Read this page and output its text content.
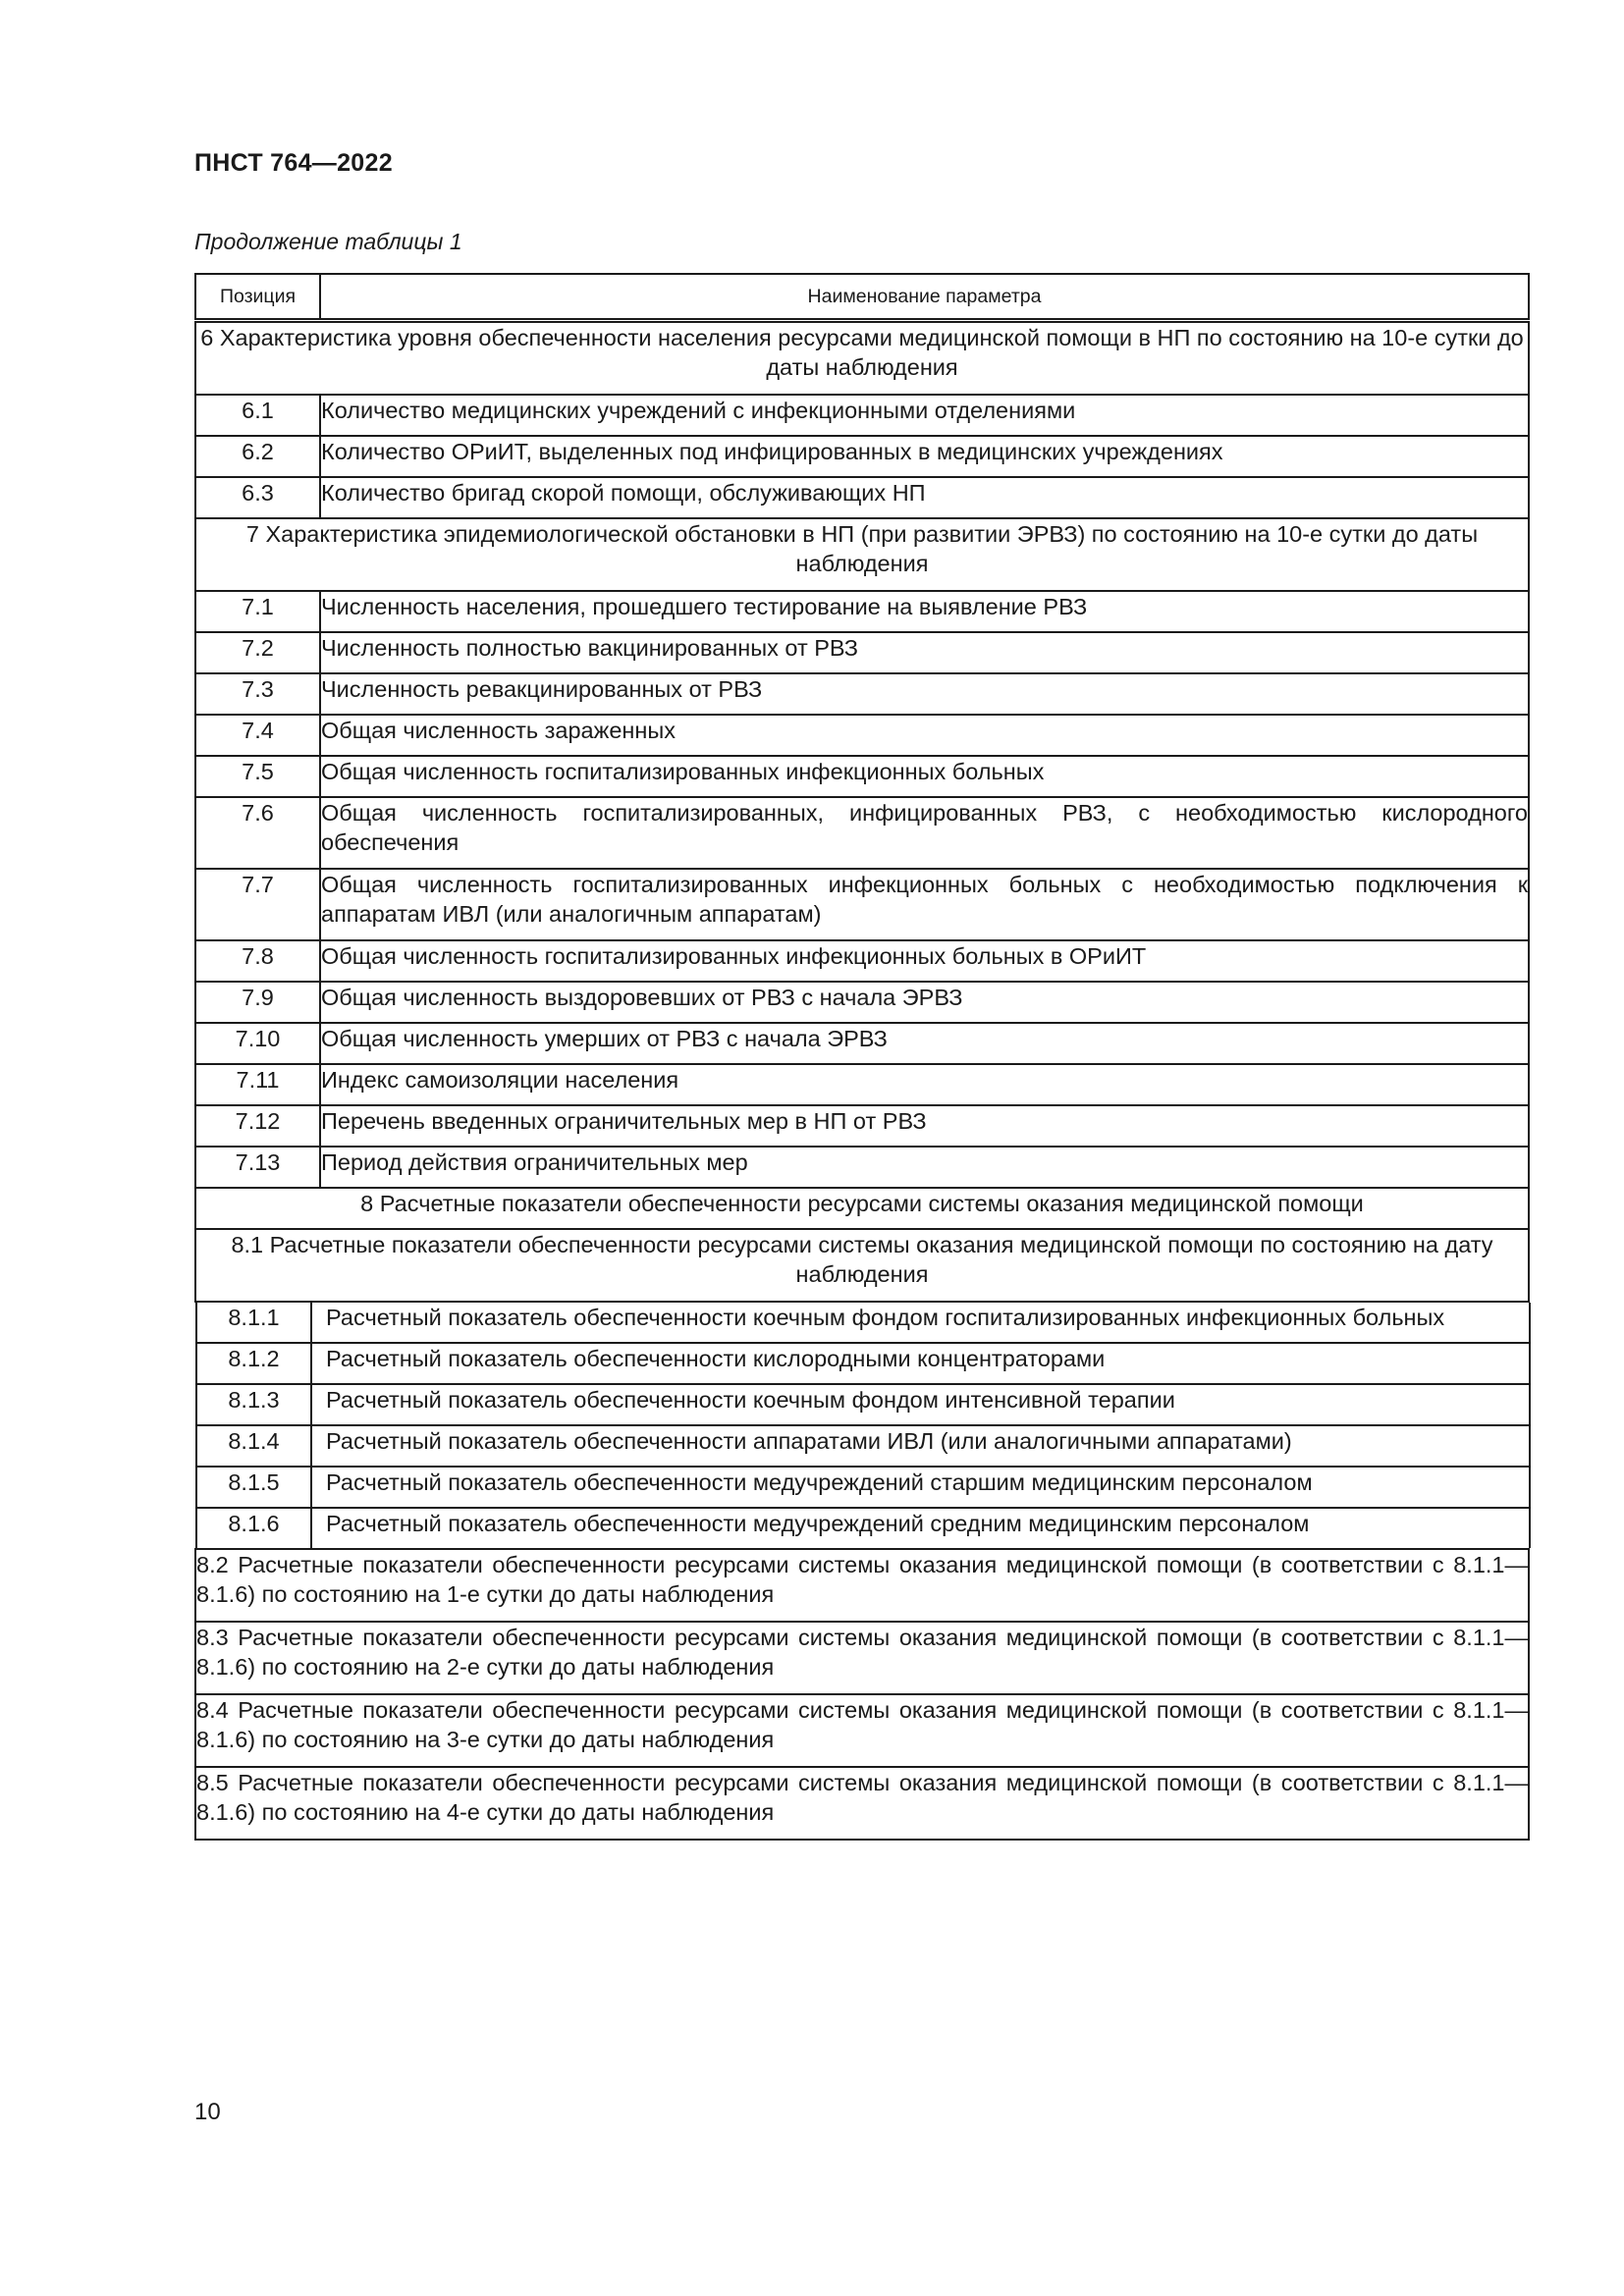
ПНСТ 764—2022
Продолжение таблицы 1
Позиция	Наименование параметра
6 Характеристика уровня обеспеченности населения ресурсами медицинской помощи в НП по состоянию на 10-е сутки до даты наблюдения
6.1	Количество медицинских учреждений с инфекционными отделениями
6.2	Количество ОРиИТ, выделенных под инфицированных в медицинских учреждениях
6.3	Количество бригад скорой помощи, обслуживающих НП
7 Характеристика эпидемиологической обстановки в НП (при развитии ЭРВЗ) по состоянию на 10-е сутки до даты наблюдения
7.1	Численность населения, прошедшего тестирование на выявление РВЗ
7.2	Численность полностью вакцинированных от РВЗ
7.3	Численность ревакцинированных от РВЗ
7.4	Общая численность зараженных
7.5	Общая численность госпитализированных инфекционных больных
7.6	Общая численность госпитализированных, инфицированных РВЗ, с необходимостью кислородного обеспечения
7.7	Общая численность госпитализированных инфекционных больных с необходимостью подключения к аппаратам ИВЛ (или аналогичным аппаратам)
7.8	Общая численность госпитализированных инфекционных больных в ОРиИТ
7.9	Общая численность выздоровевших от РВЗ с начала ЭРВЗ
7.10	Общая численность умерших от РВЗ с начала ЭРВЗ
7.11	Индекс самоизоляции населения
7.12	Перечень введенных ограничительных мер в НП от РВЗ
7.13	Период действия ограничительных мер
8 Расчетные показатели обеспеченности ресурсами системы оказания медицинской помощи
8.1 Расчетные показатели обеспеченности ресурсами системы оказания медицинской помощи по состоянию на дату наблюдения

8.1.1	Расчетный показатель обеспеченности коечным фондом госпитализированных инфекционных больных
8.1.2	Расчетный показатель обеспеченности кислородными концентраторами
8.1.3	Расчетный показатель обеспеченности коечным фондом интенсивной терапии
8.1.4	Расчетный показатель обеспеченности аппаратами ИВЛ (или аналогичными аппаратами)
8.1.5	Расчетный показатель обеспеченности медучреждений старшим медицинским персоналом
8.1.6	Расчетный показатель обеспеченности медучреждений средним медицинским персоналом

8.2 Расчетные показатели обеспеченности ресурсами системы оказания медицинской помощи (в соответствии с 8.1.1—8.1.6) по состоянию на 1-е сутки до даты наблюдения
8.3 Расчетные показатели обеспеченности ресурсами системы оказания медицинской помощи (в соответствии с 8.1.1—8.1.6) по состоянию на 2-е сутки до даты наблюдения
8.4 Расчетные показатели обеспеченности ресурсами системы оказания медицинской помощи (в соответствии с 8.1.1—8.1.6) по состоянию на 3-е сутки до даты наблюдения
8.5 Расчетные показатели обеспеченности ресурсами системы оказания медицинской помощи (в соответствии с 8.1.1—8.1.6) по состоянию на 4-е сутки до даты наблюдения
10
